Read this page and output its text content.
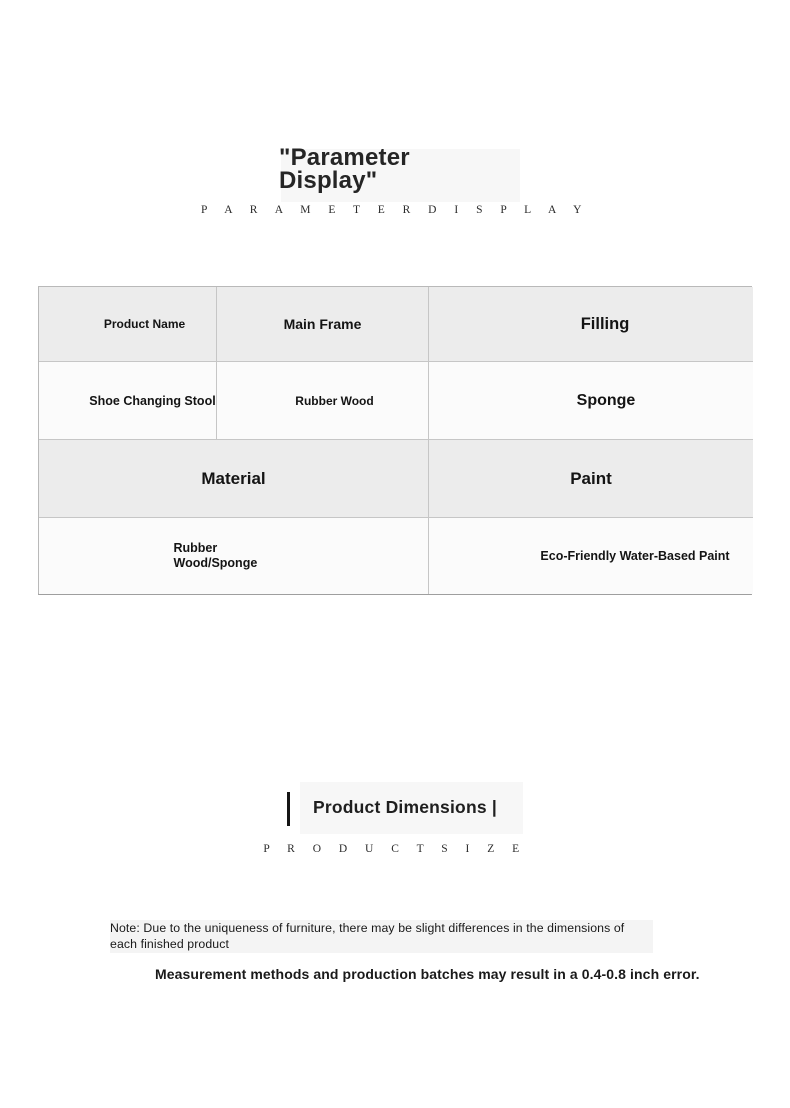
"Parameter Display"
P A R A M E T E R D I S P L A Y
Product Name	Main Frame	Filling
Shoe Changing Stool	Rubber Wood	Sponge
Material	Paint
Rubber Wood/Sponge	Eco-Friendly Water-Based Paint
Product Dimensions |
P R O D U C T S I Z E
Note: Due to the uniqueness of furniture, there may be slight differences in the dimensions of
each finished product
Measurement methods and production batches may result in a 0.4-0.8 inch error.
